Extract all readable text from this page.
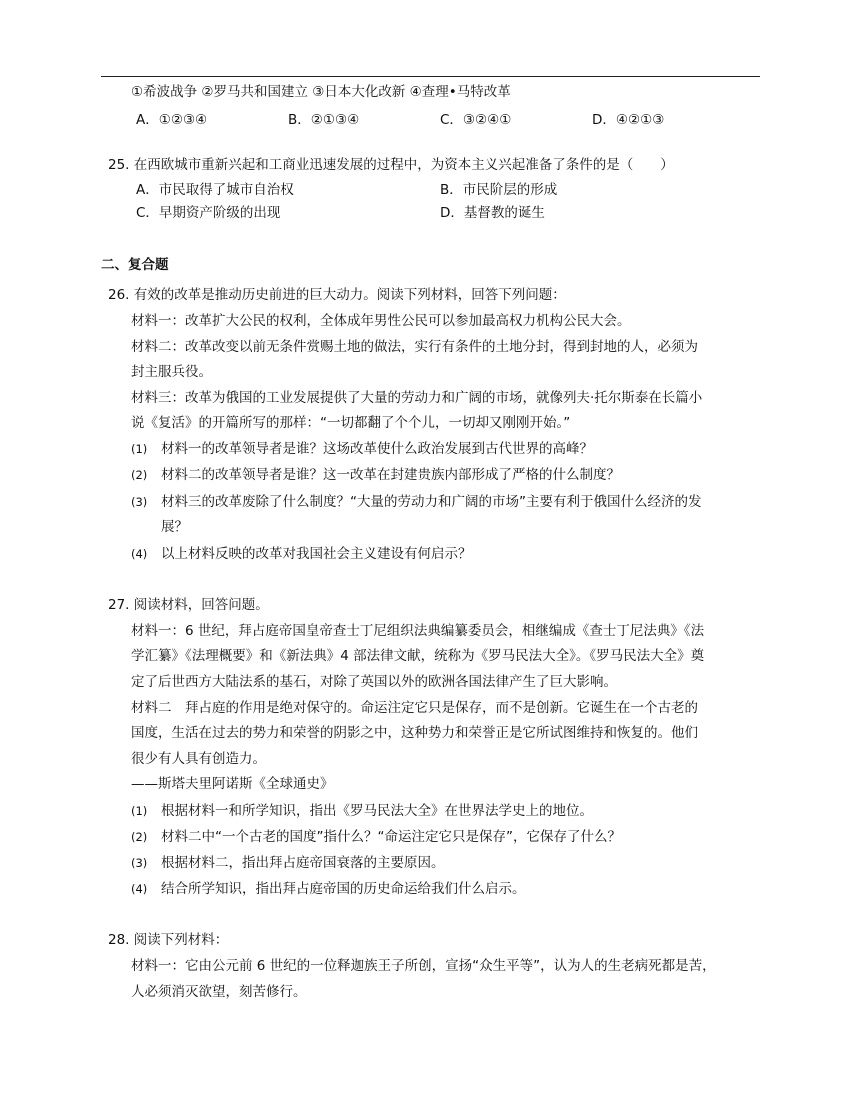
①希波战争 ②罗马共和国建立 ③日本大化改新 ④查理•马特改革
A．①②③④	B．②①③④	C．③②④①	D．④②①③
25. 在西欧城市重新兴起和工商业迅速发展的过程中，为资本主义兴起准备了条件的是（　　）
A．市民取得了城市自治权	B．市民阶层的形成
C．早期资产阶级的出现	D．基督教的诞生
二、复合题
26. 有效的改革是推动历史前进的巨大动力。阅读下列材料，回答下列问题：
材料一：改革扩大公民的权利，全体成年男性公民可以参加最高权力机构公民大会。
材料二：改革改变以前无条件赏赐土地的做法，实行有条件的土地分封，得到封地的人，必须为
封主服兵役。
材料三：改革为俄国的工业发展提供了大量的劳动力和广阔的市场，就像列夫·托尔斯泰在长篇小
说《复活》的开篇所写的那样：“一切都翻了个个儿，一切却又刚刚开始。”
(1) 材料一的改革领导者是谁？这场改革使什么政治发展到古代世界的高峰？
(2) 材料二的改革领导者是谁？这一改革在封建贵族内部形成了严格的什么制度？
(3) 材料三的改革废除了什么制度？“大量的劳动力和广阔的市场”主要有利于俄国什么经济的发
展？
(4) 以上材料反映的改革对我国社会主义建设有何启示？
27. 阅读材料，回答问题。
材料一：6 世纪，拜占庭帝国皇帝查士丁尼组织法典编纂委员会，相继编成《查士丁尼法典》《法
学汇纂》《法理概要》和《新法典》4 部法律文献，统称为《罗马民法大全》。《罗马民法大全》奠
定了后世西方大陆法系的基石，对除了英国以外的欧洲各国法律产生了巨大影响。
材料二　拜占庭的作用是绝对保守的。命运注定它只是保存，而不是创新。它诞生在一个古老的
国度，生活在过去的势力和荣誉的阴影之中，这种势力和荣誉正是它所试图维持和恢复的。他们
很少有人具有创造力。
——斯塔夫里阿诺斯《全球通史》
(1) 根据材料一和所学知识，指出《罗马民法大全》在世界法学史上的地位。
(2) 材料二中“一个古老的国度”指什么？“命运注定它只是保存”，它保存了什么？
(3) 根据材料二，指出拜占庭帝国衰落的主要原因。
(4) 结合所学知识，指出拜占庭帝国的历史命运给我们什么启示。
28. 阅读下列材料：
材料一：它由公元前 6 世纪的一位释迦族王子所创，宣扬“众生平等”，认为人的生老病死都是苦，
人必须消灭欲望，刻苦修行。
